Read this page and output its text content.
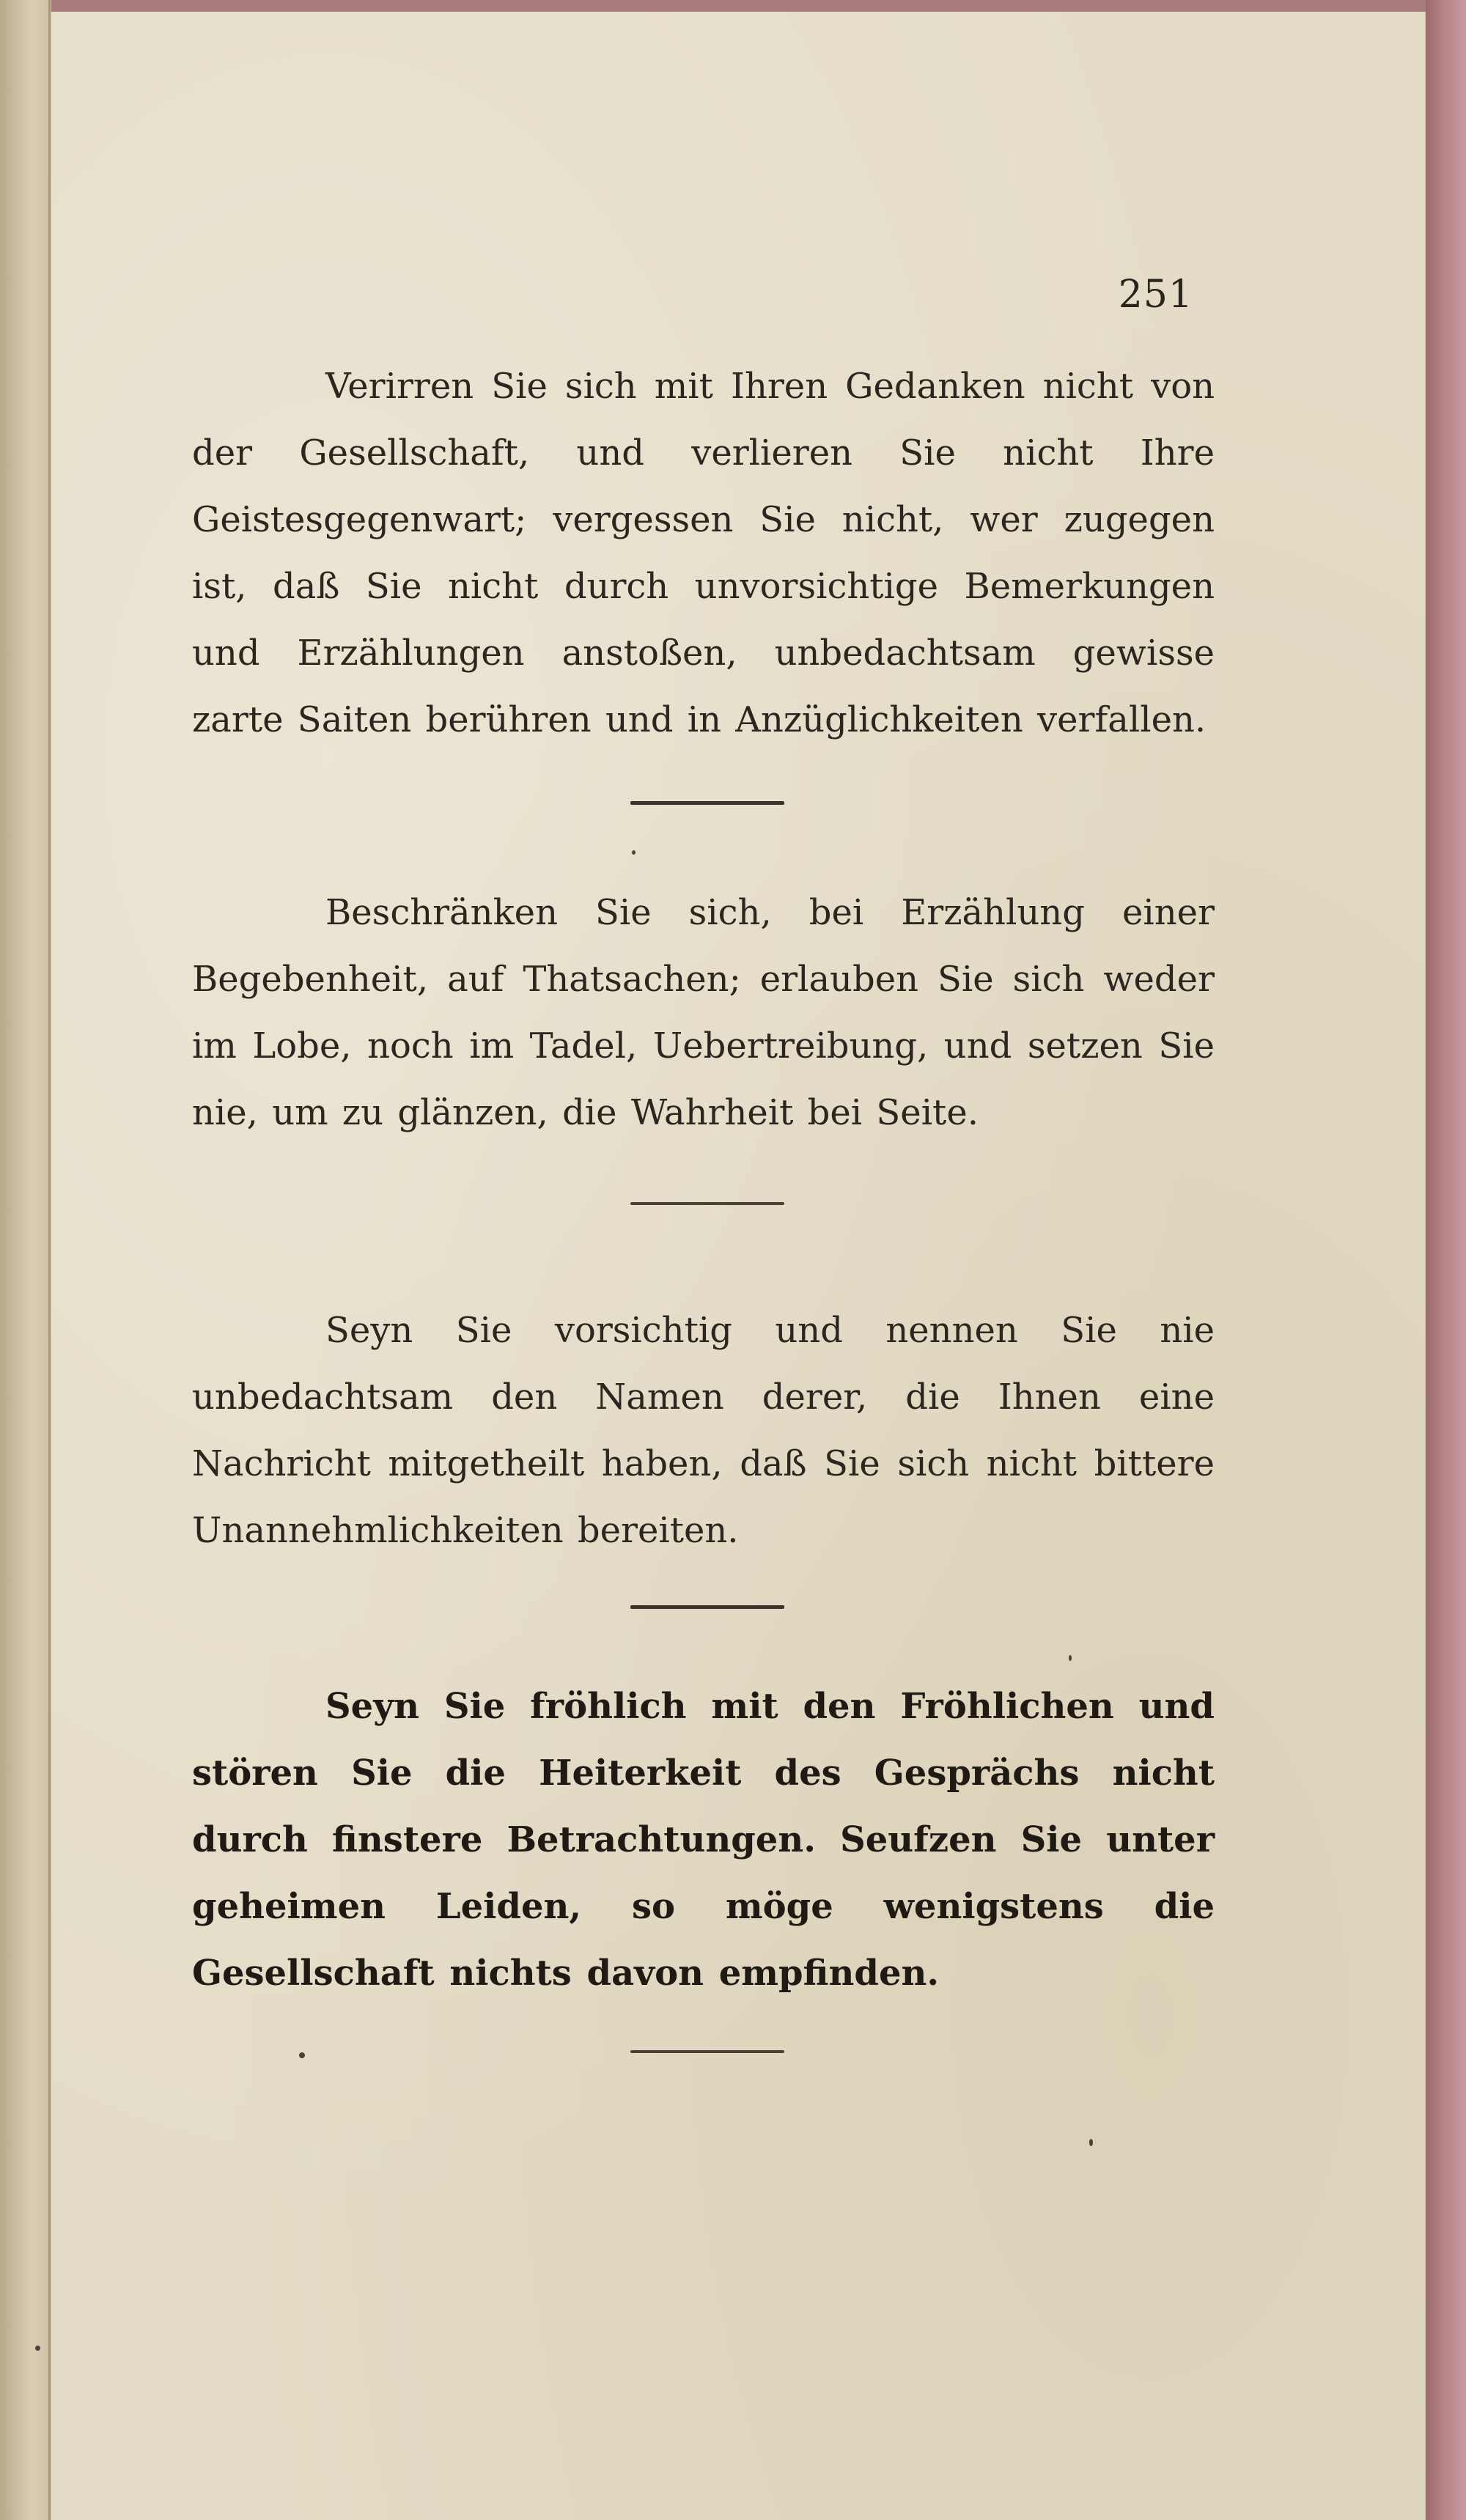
251

Verirren Sie sich mit Ihren Gedanken nicht von der Gesellschaft, und verlieren Sie nicht Ihre Geistesgegenwart; vergessen Sie nicht, wer zugegen ist, daß Sie nicht durch unvorsichtige Bemerkungen und Erzählungen anstoßen, unbedachtsam gewisse zarte Saiten berühren und in Anzüglichkeiten verfallen.

Beschränken Sie sich, bei Erzählung einer Begebenheit, auf Thatsachen; erlauben Sie sich weder im Lobe, noch im Tadel, Uebertreibung, und setzen Sie nie, um zu glänzen, die Wahrheit bei Seite.

Seyn Sie vorsichtig und nennen Sie nie unbedachtsam den Namen derer, die Ihnen eine Nachricht mitgetheilt haben, daß Sie sich nicht bittere Unannehmlichkeiten bereiten.

Seyn Sie fröhlich mit den Fröhlichen und stören Sie die Heiterkeit des Gesprächs nicht durch finstere Betrachtungen. Seufzen Sie unter geheimen Leiden, so möge wenigstens die Gesellschaft nichts davon empfinden.
